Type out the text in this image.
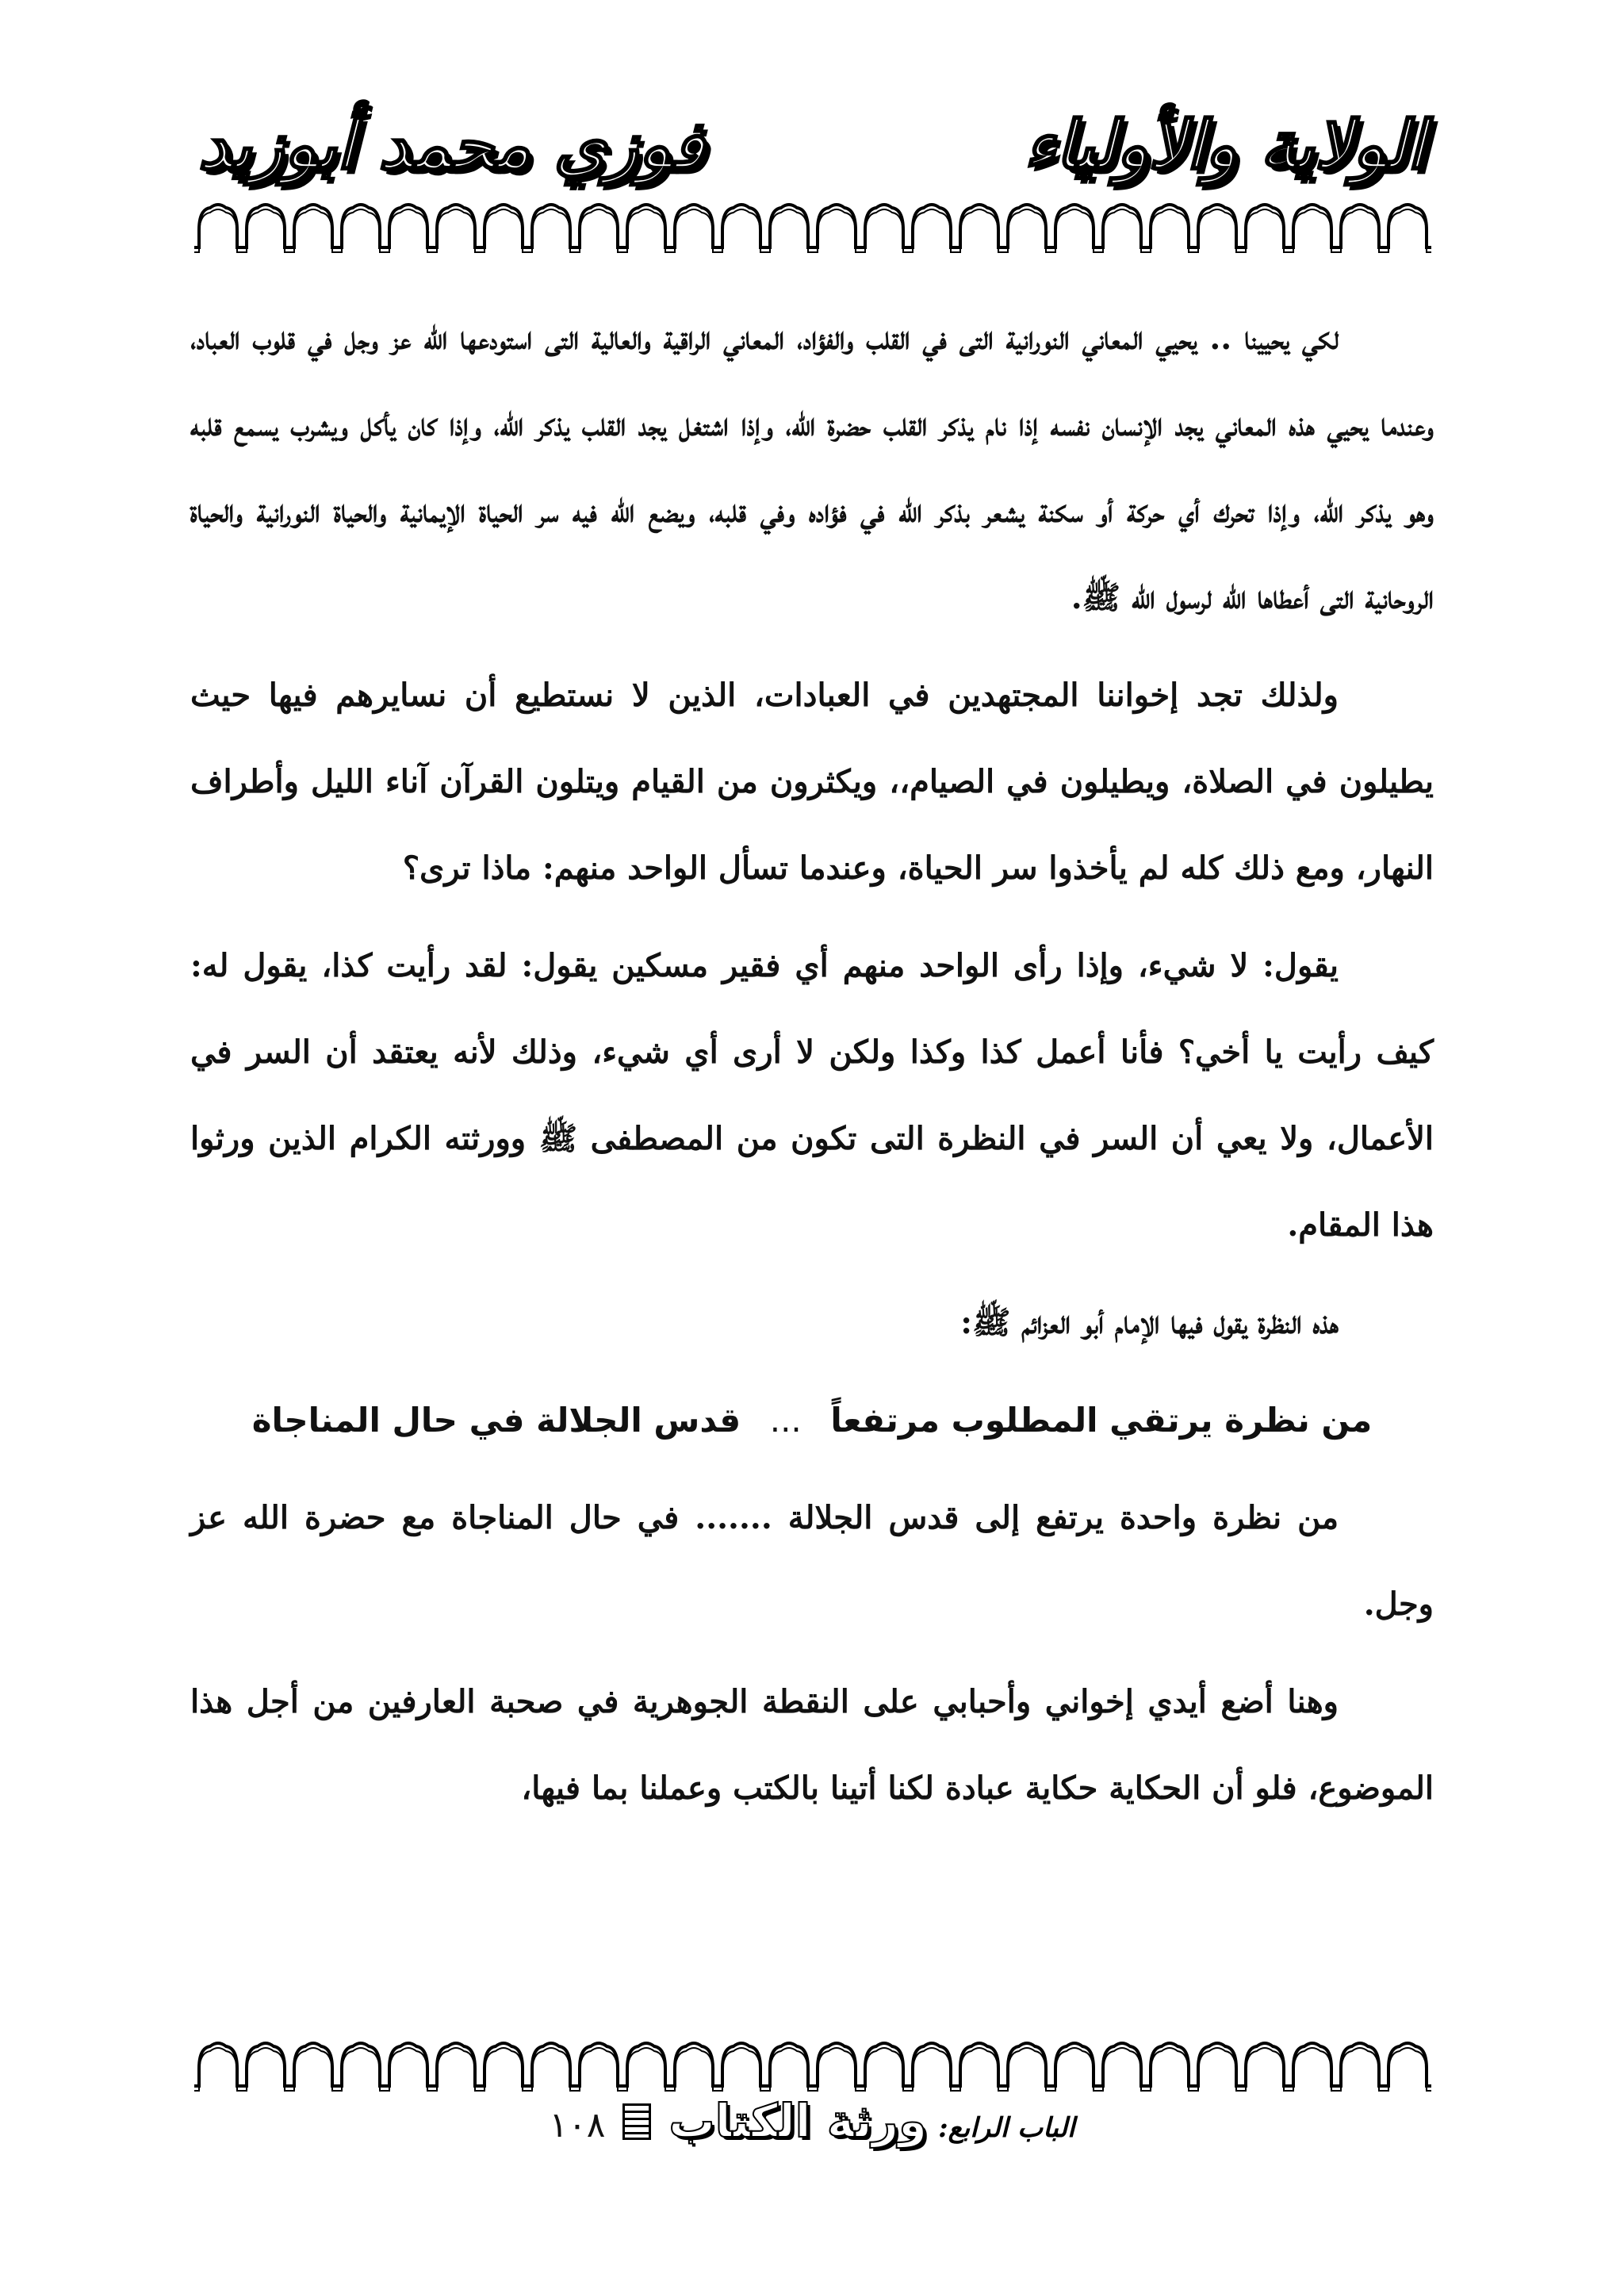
الولاية والأولياء
فوزي محمد أبوزيد

لكي يحيينا .. يحيي المعاني النورانية التى في القلب والفؤاد، المعاني الراقية والعالية التى استودعها الله عز وجل في قلوب العباد، وعندما يحيي هذه المعاني يجد الإنسان نفسه إذا نام يذكر القلب حضرة الله، وإذا اشتغل يجد القلب يذكر الله، وإذا كان يأكل ويشرب يسمع قلبه وهو يذكر الله، وإذا تحرك أي حركة أو سكنة يشعر بذكر الله في فؤاده وفي قلبه، ويضع الله فيه سر الحياة الإيمانية والحياة النورانية والحياة الروحانية التى أعطاها الله لرسول الله ﷺ.

ولذلك تجد إخواننا المجتهدين في العبادات، الذين لا نستطيع أن نسايرهم فيها حيث يطيلون في الصلاة، ويطيلون في الصيام،، ويكثرون من القيام ويتلون القرآن آناء الليل وأطراف النهار، ومع ذلك كله لم يأخذوا سر الحياة، وعندما تسأل الواحد منهم: ماذا ترى؟

يقول: لا شيء، وإذا رأى الواحد منهم أي فقير مسكين يقول: لقد رأيت كذا، يقول له: كيف رأيت يا أخي؟ فأنا أعمل كذا وكذا ولكن لا أرى أي شيء، وذلك لأنه يعتقد أن السر في الأعمال، ولا يعي أن السر في النظرة التى تكون من المصطفى ﷺ وورثته الكرام الذين ورثوا هذا المقام.

هذه النظرة يقول فيها الإمام أبو العزائم ﷺ:

من نظرة يرتقي المطلوب مرتفعاً ... قدس الجلالة في حال المناجاة

من نظرة واحدة يرتفع إلى قدس الجلالة ....... في حال المناجاة مع حضرة الله عز وجل.

وهنا أضع أيدي إخواني وأحبابي على النقطة الجوهرية في صحبة العارفين من أجل هذا الموضوع، فلو أن الحكاية حكاية عبادة لكنا أتينا بالكتب وعملنا بما فيها،

الباب الرابع: ورثة الكتاب  ١٠٨
